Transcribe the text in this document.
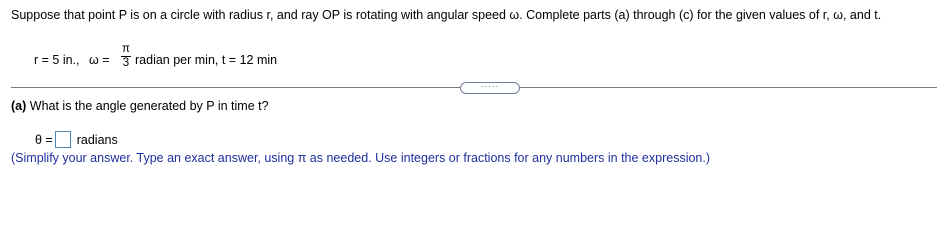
Suppose that point P is on a circle with radius r, and ray OP is rotating with angular speed ω. Complete parts (a) through (c) for the given values of r, ω, and t.
r = 5 in., ω =
π
3 radian per min, t = 12 min
·····
(a) What is the angle generated by P in time t?
θ = radians
(Simplify your answer. Type an exact answer, using π as needed. Use integers or fractions for any numbers in the expression.)
